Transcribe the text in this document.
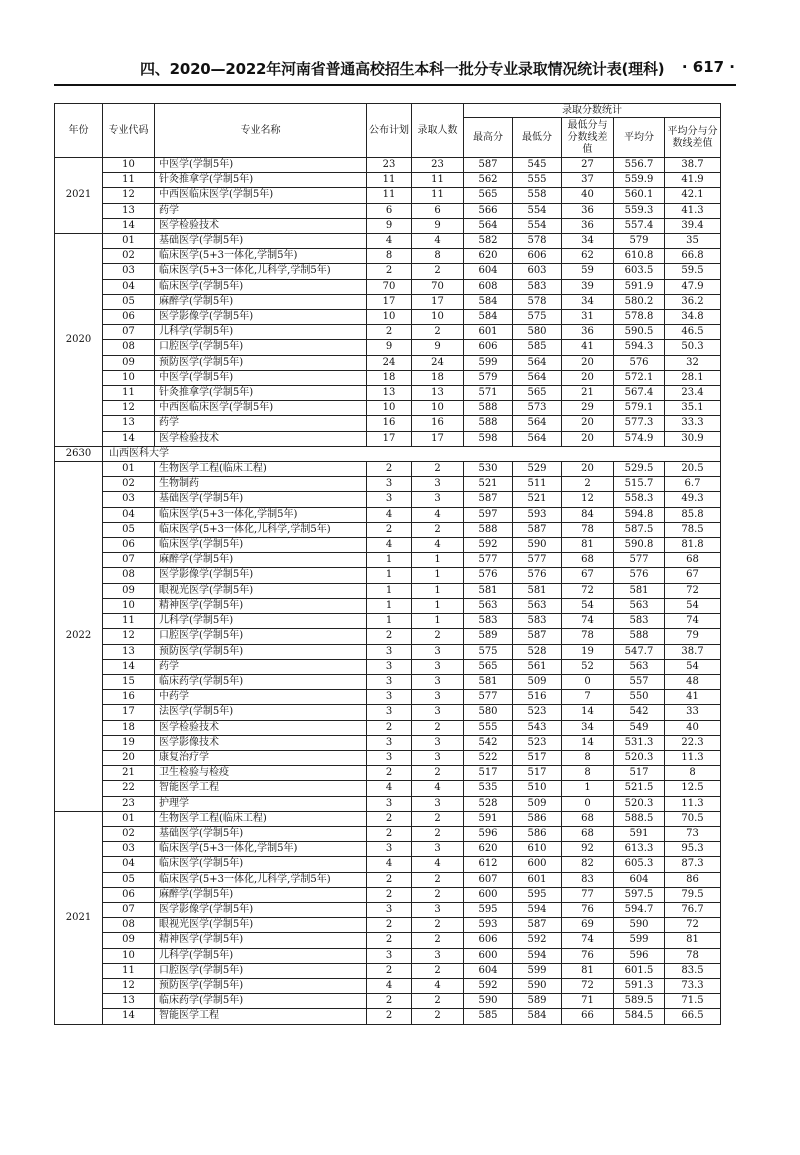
四、2020—2022年河南省普通高校招生本科一批分专业录取情况统计表(理科) · 617 ·
年份	专业代码	专业名称	公布计划	录取人数	录取分数统计				
					最高分	最低分	最低分与分数线差值	平均分	平均分与分数线差值
2021	10	中医学(学制5年)	23	23	587	545	27	556.7	38.7
	11	针灸推拿学(学制5年)	11	11	562	555	37	559.9	41.9
	12	中西医临床医学(学制5年)	11	11	565	558	40	560.1	42.1
	13	药学	6	6	566	554	36	559.3	41.3
	14	医学检验技术	9	9	564	554	36	557.4	39.4
2020	01	基础医学(学制5年)	4	4	582	578	34	579	35
	02	临床医学(5+3一体化,学制5年)	8	8	620	606	62	610.8	66.8
	03	临床医学(5+3一体化,儿科学,学制5年)	2	2	604	603	59	603.5	59.5
	04	临床医学(学制5年)	70	70	608	583	39	591.9	47.9
	05	麻醉学(学制5年)	17	17	584	578	34	580.2	36.2
	06	医学影像学(学制5年)	10	10	584	575	31	578.8	34.8
	07	儿科学(学制5年)	2	2	601	580	36	590.5	46.5
	08	口腔医学(学制5年)	9	9	606	585	41	594.3	50.3
	09	预防医学(学制5年)	24	24	599	564	20	576	32
	10	中医学(学制5年)	18	18	579	564	20	572.1	28.1
	11	针灸推拿学(学制5年)	13	13	571	565	21	567.4	23.4
	12	中西医临床医学(学制5年)	10	10	588	573	29	579.1	35.1
	13	药学	16	16	588	564	20	577.3	33.3
	14	医学检验技术	17	17	598	564	20	574.9	30.9
2630	山西医科大学								
2022	01	生物医学工程(临床工程)	2	2	530	529	20	529.5	20.5
	02	生物制药	3	3	521	511	2	515.7	6.7
	03	基础医学(学制5年)	3	3	587	521	12	558.3	49.3
	04	临床医学(5+3一体化,学制5年)	4	4	597	593	84	594.8	85.8
	05	临床医学(5+3一体化,儿科学,学制5年)	2	2	588	587	78	587.5	78.5
	06	临床医学(学制5年)	4	4	592	590	81	590.8	81.8
	07	麻醉学(学制5年)	1	1	577	577	68	577	68
	08	医学影像学(学制5年)	1	1	576	576	67	576	67
	09	眼视光医学(学制5年)	1	1	581	581	72	581	72
	10	精神医学(学制5年)	1	1	563	563	54	563	54
	11	儿科学(学制5年)	1	1	583	583	74	583	74
	12	口腔医学(学制5年)	2	2	589	587	78	588	79
	13	预防医学(学制5年)	3	3	575	528	19	547.7	38.7
	14	药学	3	3	565	561	52	563	54
	15	临床药学(学制5年)	3	3	581	509	0	557	48
	16	中药学	3	3	577	516	7	550	41
	17	法医学(学制5年)	3	3	580	523	14	542	33
	18	医学检验技术	2	2	555	543	34	549	40
	19	医学影像技术	3	3	542	523	14	531.3	22.3
	20	康复治疗学	3	3	522	517	8	520.3	11.3
	21	卫生检验与检疫	2	2	517	517	8	517	8
	22	智能医学工程	4	4	535	510	1	521.5	12.5
	23	护理学	3	3	528	509	0	520.3	11.3
2021	01	生物医学工程(临床工程)	2	2	591	586	68	588.5	70.5
	02	基础医学(学制5年)	2	2	596	586	68	591	73
	03	临床医学(5+3一体化,学制5年)	3	3	620	610	92	613.3	95.3
	04	临床医学(学制5年)	4	4	612	600	82	605.3	87.3
	05	临床医学(5+3一体化,儿科学,学制5年)	2	2	607	601	83	604	86
	06	麻醉学(学制5年)	2	2	600	595	77	597.5	79.5
	07	医学影像学(学制5年)	3	3	595	594	76	594.7	76.7
	08	眼视光医学(学制5年)	2	2	593	587	69	590	72
	09	精神医学(学制5年)	2	2	606	592	74	599	81
	10	儿科学(学制5年)	3	3	600	594	76	596	78
	11	口腔医学(学制5年)	2	2	604	599	81	601.5	83.5
	12	预防医学(学制5年)	4	4	592	590	72	591.3	73.3
	13	临床药学(学制5年)	2	2	590	589	71	589.5	71.5
	14	智能医学工程	2	2	585	584	66	584.5	66.5
